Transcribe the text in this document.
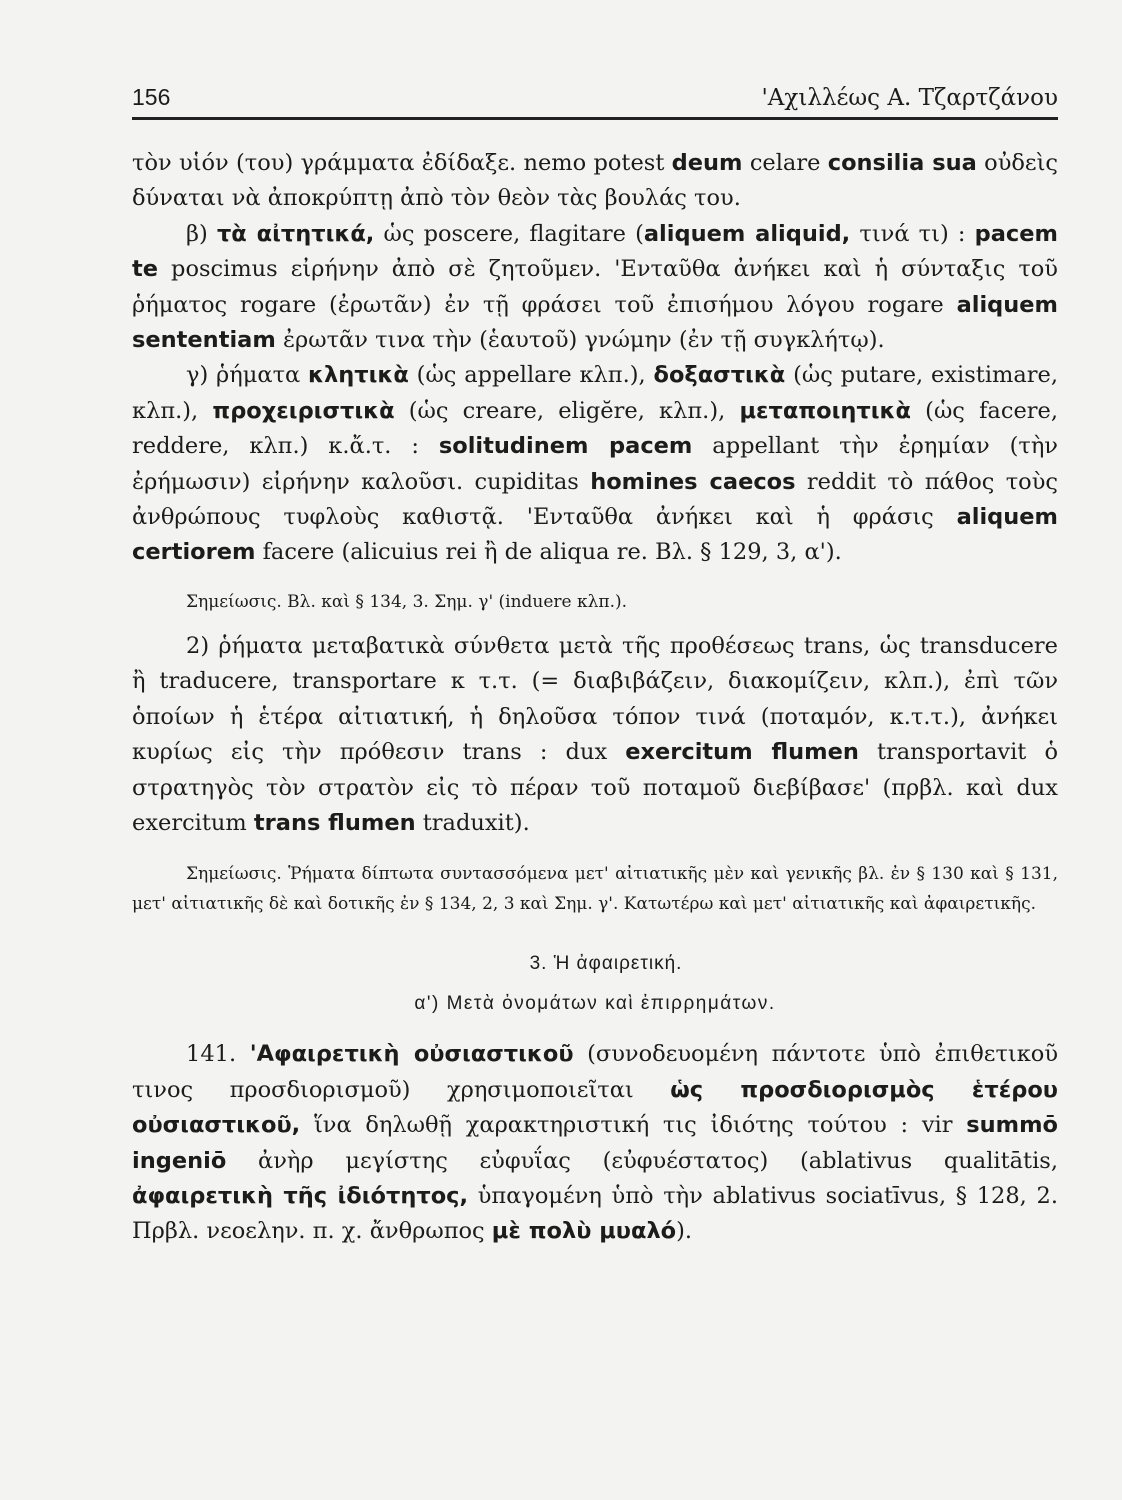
156	'Αχιλλέως Α. Τζαρτζάνου

τὸν υἱόν (του) γράμματα ἐδίδαξε. nemo potest deum celare consilia sua οὐδεὶς δύναται νὰ ἀποκρύπτῃ ἀπὸ τὸν θεὸν τὰς βουλάς του.

β) τὰ αἰτητικά, ὡς poscere, flagitare (aliquem aliquid, τινά τι) : pacem te poscimus εἰρήνην ἀπὸ σὲ ζητοῦμεν. 'Ενταῦθα ἀνήκει καὶ ἡ σύνταξις τοῦ ῥήματος rogare (ἐρωτᾶν) ἐν τῇ φράσει τοῦ ἐπισήμου λόγου rogare aliquem sententiam ἐρωτᾶν τινα τὴν (ἑαυτοῦ) γνώμην (ἐν τῇ συγκλήτῳ).

γ) ῥήματα κλητικὰ (ὡς appellare κλπ.), δοξαστικὰ (ὡς putare, existimare, κλπ.), προχειριστικὰ (ὡς creare, eligĕre, κλπ.), μεταποιητικὰ (ὡς facere, reddere, κλπ.) κ.ἄ.τ. : solitudinem pacem appellant τὴν ἐρημίαν (τὴν ἐρήμωσιν) εἰρήνην καλοῦσι. cupiditas homines caecos reddit τὸ πάθος τοὺς ἀνθρώπους τυφλοὺς καθιστᾷ. 'Ενταῦθα ἀνήκει καὶ ἡ φράσις aliquem certiorem facere (alicuius rei ἢ de aliqua re. Βλ. § 129, 3, α').

Σημείωσις. Βλ. καὶ § 134, 3. Σημ. γ' (induere κλπ.).

2) ῥήματα μεταβατικὰ σύνθετα μετὰ τῆς προθέσεως trans, ὡς transducere ἢ traducere, transportare κ τ.τ. (= διαβιβάζειν, διακομίζειν, κλπ.), ἐπὶ τῶν ὁποίων ἡ ἑτέρα αἰτιατική, ἡ δηλοῦσα τόπον τινά (ποταμόν, κ.τ.τ.), ἀνήκει κυρίως εἰς τὴν πρόθεσιν trans : dux exercitum flumen transportavit ὁ στρατηγὸς τὸν στρατὸν εἰς τὸ πέραν τοῦ ποταμοῦ διεβίβασε' (πρβλ. καὶ dux exercitum trans flumen traduxit).

Σημείωσις. Ῥήματα δίπτωτα συντασσόμενα μετ' αἰτιατικῆς μὲν καὶ γενικῆς βλ. ἐν § 130 καὶ § 131, μετ' αἰτιατικῆς δὲ καὶ δοτικῆς ἐν § 134, 2, 3 καὶ Σημ. γ'. Κατωτέρω καὶ μετ' αἰτιατικῆς καὶ ἀφαιρετικῆς.

3. Ἡ ἀφαιρετική.
α') Μετὰ ὀνομάτων καὶ ἐπιρρημάτων.

141. 'Αφαιρετικὴ οὐσιαστικοῦ (συνοδευομένη πάντοτε ὑπὸ ἐπιθετικοῦ τινος προσδιορισμοῦ) χρησιμοποιεῖται ὡς προσδιορισμὸς ἑτέρου οὐσιαστικοῦ, ἵνα δηλωθῇ χαρακτηριστική τις ἰδιότης τούτου : vir summō ingeniō ἀνὴρ μεγίστης εὐφυΐας (εὐφυέστατος) (ablativus qualitātis, ἀφαιρετικὴ τῆς ἰδιότητος, ὑπαγομένη ὑπὸ τὴν ablativus sociatīvus, § 128, 2. Πρβλ. νεοελην. π. χ. ἄνθρωπος μὲ πολὺ μυαλό).
